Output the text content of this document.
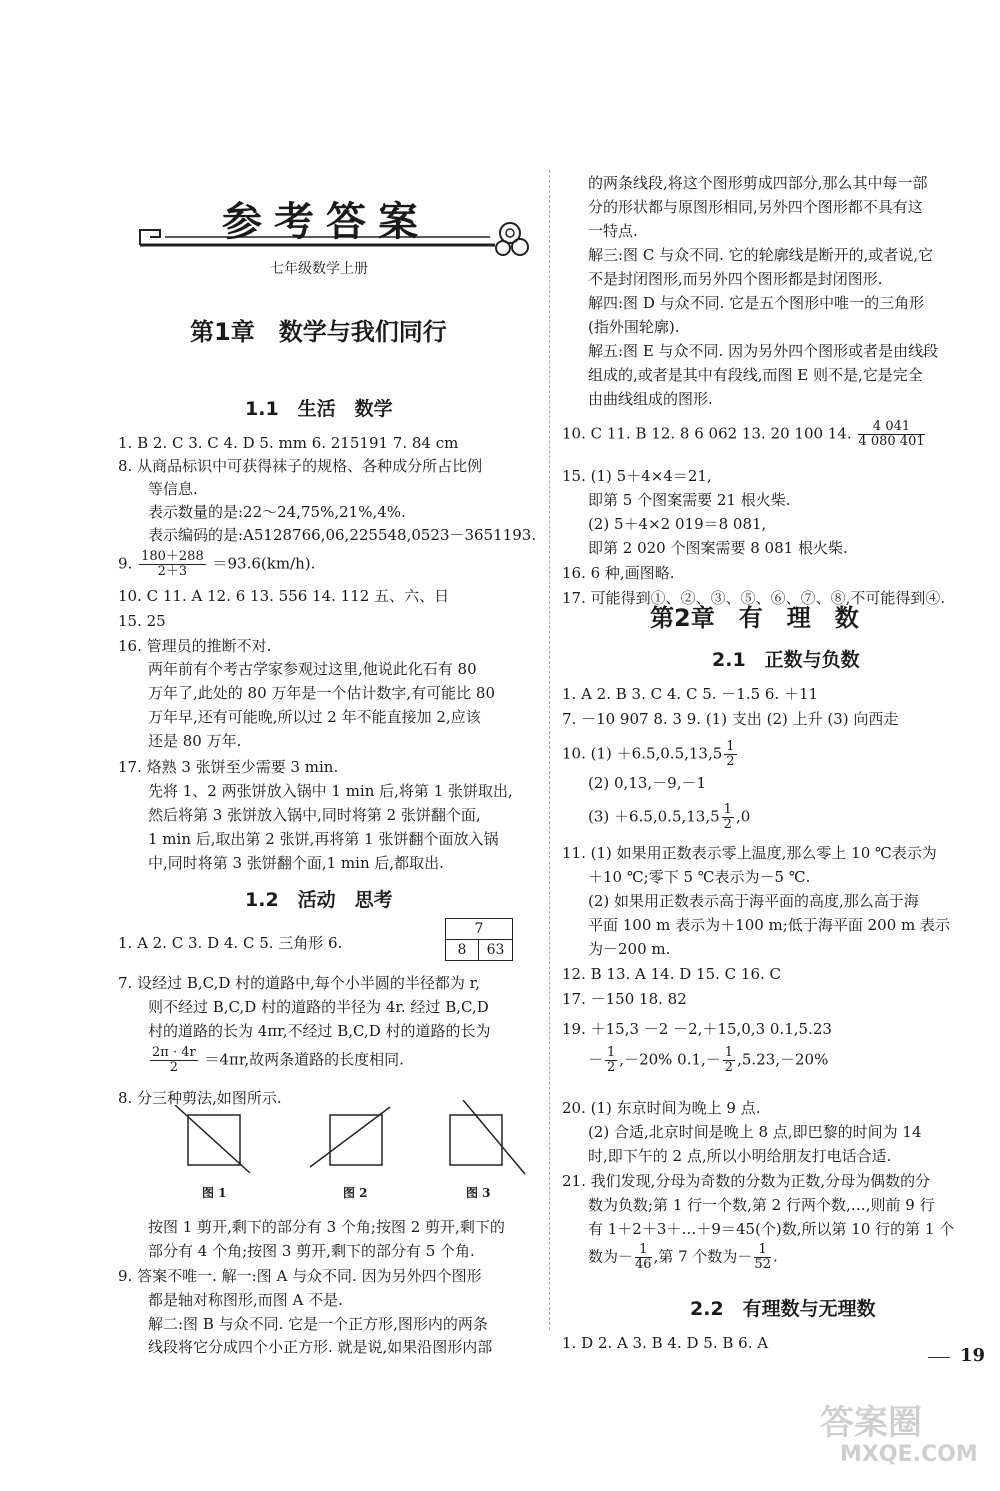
参考答案
七年级数学上册
第1章　数学与我们同行
1.1　生活　数学
1. B 2. C 3. C 4. D 5. mm 6. 215191 7. 84 cm
8. 从商品标识中可获得袜子的规格、各种成分所占比例
等信息.
表示数量的是:22～24,75%,21%,4%.
表示编码的是:A5128766,06,225548,0523－3651193.
9. $\frac{180+288}{2+3} =93.6(km/h)$.
10. C 11. A 12. 6 13. 556 14. 112 五、六、日
15. 25
16. 管理员的推断不对.
两年前有个考古学家参观过这里,他说此化石有 80
万年了,此处的 80 万年是一个估计数字,有可能比 80
万年早,还有可能晚,所以过 2 年不能直接加 2,应该
还是 80 万年.
17. 烙熟 3 张饼至少需要 3 min.
先将 1、2 两张饼放入锅中 1 min 后,将第 1 张饼取出,
然后将第 3 张饼放入锅中,同时将第 2 张饼翻个面,
1 min 后,取出第 2 张饼,再将第 1 张饼翻个面放入锅
中,同时将第 3 张饼翻个面,1 min 后,都取出.
1.2　活动　思考
1. A 2. C 3. D 4. C 5. 三角形 6.
7
8	63
7. 设经过 B,C,D 村的道路中,每个小半圆的半径都为 r,
则不经过 B,C,D 村的道路的半径为 4r. 经过 B,C,D
村的道路的长为 4πr,不经过 B,C,D 村的道路的长为
$\frac{2\pi \cdot 4r}{2} =4\pi r$,故两条道路的长度相同.
8. 分三种剪法,如图所示.
图 1	图 2	图 3
按图 1 剪开,剩下的部分有 3 个角;按图 2 剪开,剩下的
部分有 4 个角;按图 3 剪开,剩下的部分有 5 个角.
9. 答案不唯一. 解一:图 A 与众不同. 因为另外四个图形
都是轴对称图形,而图 A 不是.
解二:图 B 与众不同. 它是一个正方形,图形内的两条
线段将它分成四个小正方形. 就是说,如果沿图形内部
的两条线段,将这个图形剪成四部分,那么其中每一部
分的形状都与原图形相同,另外四个图形都不具有这
一特点.
解三:图 C 与众不同. 它的轮廓线是断开的,或者说,它
不是封闭图形,而另外四个图形都是封闭图形.
解四:图 D 与众不同. 它是五个图形中唯一的三角形
(指外围轮廓).
解五:图 E 与众不同. 因为另外四个图形或者是由线段
组成的,或者是其中有段线,而图 E 则不是,它是完全
由曲线组成的图形.
10. C 11. B 12. 8 6 062 13. 20 100 14. $\frac{4 041}{4 080 401}$
15. (1) 5＋4×4＝21,
即第 5 个图案需要 21 根火柴.
(2) 5＋4×2 019＝8 081,
即第 2 020 个图案需要 8 081 根火柴.
16. 6 种,画图略.
17. 可能得到①、②、③、⑤、⑥、⑦、⑧,不可能得到④.
第2章　有　理　数
2.1　正数与负数
1. A 2. B 3. C 4. C 5. －1.5 6. ＋11
7. －10 907 8. 3 9. (1) 支出 (2) 上升 (3) 向西走
10. $(1) +6.5,0.5,13,5 \frac{1}{2}$
(2) 0,13,－9,－1
$(3) +6.5,0.5,13,5 \frac{1}{2} ,0$
11. (1) 如果用正数表示零上温度,那么零上 10 ℃表示为
＋10 ℃;零下 5 ℃表示为－5 ℃.
(2) 如果用正数表示高于海平面的高度,那么高于海
平面 100 m 表示为＋100 m;低于海平面 200 m 表示
为－200 m.
12. B 13. A 14. D 15. C 16. C
17. －150 18. 82
19. ＋15,3 －2 －2,＋15,0,3 0.1,5.23
－ $\frac{1}{2} ,-20\%$ $0.1,- \frac{1}{2} ,5.23,-20\%$
20. (1) 东京时间为晚上 9 点.
(2) 合适,北京时间是晚上 8 点,即巴黎的时间为 14
时,即下午的 2 点,所以小明给朋友打电话合适.
21. 我们发现,分母为奇数的分数为正数,分母为偶数的分
数为负数;第 1 行一个数,第 2 行两个数,…,则前 9 行
有 1＋2＋3＋…＋9＝45(个)数,所以第 10 行的第 1 个
数为－ $\frac{1}{46}$ ,第 7 个数为－ $\frac{1}{52}$ .
2.2　有理数与无理数
1. D 2. A 3. B 4. D 5. B 6. A
19
答案圈
MXQE.COM
